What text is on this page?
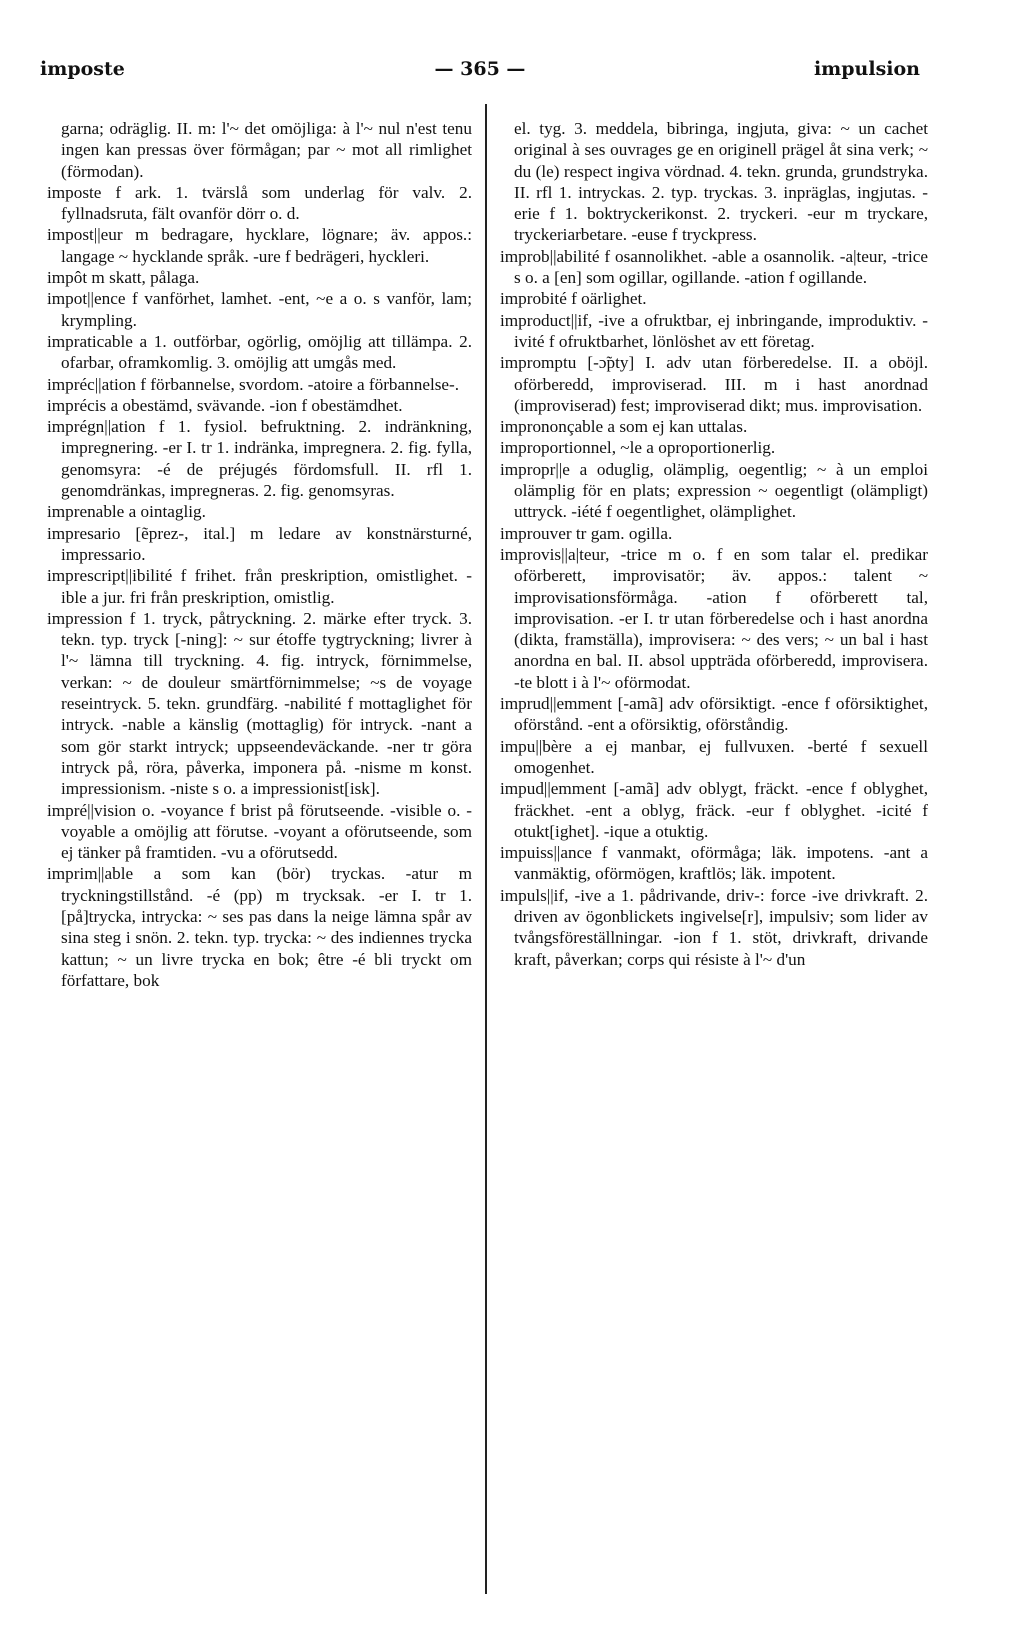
imposte	— 365 —	impulsion

garna; odräglig. II. m: l'~ det omöjliga: à l'~ nul n'est tenu ingen kan pressas över förmågan; par ~ mot all rimlighet (förmodan).

imposte f ark. 1. tvärslå som underlag för valv. 2. fyllnadsruta, fält ovanför dörr o. d.

impost||eur m bedragare, hycklare, lögnare; äv. appos.: langage ~ hycklande språk. -ure f bedrägeri, hyckleri.

impôt m skatt, pålaga.

impot||ence f vanförhet, lamhet. -ent, ~e a o. s vanför, lam; krympling.

impraticable a 1. outförbar, ogörlig, omöjlig att tillämpa. 2. ofarbar, oframkomlig. 3. omöjlig att umgås med.

impréc||ation f förbannelse, svordom. -atoire a förbannelse-.

imprécis a obestämd, svävande. -ion f obestämdhet.

imprégn||ation f 1. fysiol. befruktning. 2. indränkning, impregnering. -er I. tr 1. indränka, impregnera. 2. fig. fylla, genomsyra: -é de préjugés fördomsfull. II. rfl 1. genomdränkas, impregneras. 2. fig. genomsyras.

imprenable a ointaglig.

impresario [ẽprez-, ital.] m ledare av konstnärsturné, impressario.

imprescript||ibilité f frihet. från preskription, omistlighet. -ible a jur. fri från preskription, omistlig.

impression f 1. tryck, påtryckning. 2. märke efter tryck. 3. tekn. typ. tryck [-ning]: ~ sur étoffe tygtryckning; livrer à l'~ lämna till tryckning. 4. fig. intryck, förnimmelse, verkan: ~ de douleur smärtförnimmelse; ~s de voyage reseintryck. 5. tekn. grundfärg. -nabilité f mottaglighet för intryck. -nable a känslig (mottaglig) för intryck. -nant a som gör starkt intryck; uppseendeväckande. -ner tr göra intryck på, röra, påverka, imponera på. -nisme m konst. impressionism. -niste s o. a impressionist[isk].

impré||vision o. -voyance f brist på förutseende. -visible o. -voyable a omöjlig att förutse. -voyant a oförutseende, som ej tänker på framtiden. -vu a oförutsedd.

imprim||able a som kan (bör) tryckas. -atur m tryckningstillstånd. -é (pp) m trycksak. -er I. tr 1. [på]trycka, intrycka: ~ ses pas dans la neige lämna spår av sina steg i snön. 2. tekn. typ. trycka: ~ des indiennes trycka kattun; ~ un livre trycka en bok; être -é bli tryckt om författare, bok

el. tyg. 3. meddela, bibringa, ingjuta, giva: ~ un cachet original à ses ouvrages ge en originell prägel åt sina verk; ~ du (le) respect ingiva vördnad. 4. tekn. grunda, grundstryka. II. rfl 1. intryckas. 2. typ. tryckas. 3. inpräglas, ingjutas. -erie f 1. boktryckerikonst. 2. tryckeri. -eur m tryckare, tryckeriarbetare. -euse f tryckpress.

improb||abilité f osannolikhet. -able a osannolik. -a|teur, -trice s o. a [en] som ogillar, ogillande. -ation f ogillande.

improbité f oärlighet.

improduct||if, -ive a ofruktbar, ej inbringande, improduktiv. -ivité f ofruktbarhet, lönlöshet av ett företag.

impromptu [-ɔ̃pty] I. adv utan förberedelse. II. a oböjl. oförberedd, improviserad. III. m i hast anordnad (improviserad) fest; improviserad dikt; mus. improvisation.

imprononçable a som ej kan uttalas.

improportionnel, ~le a oproportionerlig.

impropr||e a oduglig, olämplig, oegentlig; ~ à un emploi olämplig för en plats; expression ~ oegentligt (olämpligt) uttryck. -iété f oegentlighet, olämplighet.

improuver tr gam. ogilla.

improvis||a|teur, -trice m o. f en som talar el. predikar oförberett, improvisatör; äv. appos.: talent ~ improvisationsförmåga. -ation f oförberett tal, improvisation. -er I. tr utan förberedelse och i hast anordna (dikta, framställa), improvisera: ~ des vers; ~ un bal i hast anordna en bal. II. absol uppträda oförberedd, improvisera. -te blott i à l'~ oförmodat.

imprud||emment [-amã] adv oförsiktigt. -ence f oförsiktighet, oförstånd. -ent a oförsiktig, oförståndig.

impu||bère a ej manbar, ej fullvuxen. -berté f sexuell omogenhet.

impud||emment [-amã] adv oblygt, fräckt. -ence f oblyghet, fräckhet. -ent a oblyg, fräck. -eur f oblyghet. -icité f otukt[ighet]. -ique a otuktig.

impuiss||ance f vanmakt, oförmåga; läk. impotens. -ant a vanmäktig, oförmögen, kraftlös; läk. impotent.

impuls||if, -ive a 1. pådrivande, driv-: force -ive drivkraft. 2. driven av ögonblickets ingivelse[r], impulsiv; som lider av tvångsföreställningar. -ion f 1. stöt, drivkraft, drivande kraft, påverkan; corps qui résiste à l'~ d'un
